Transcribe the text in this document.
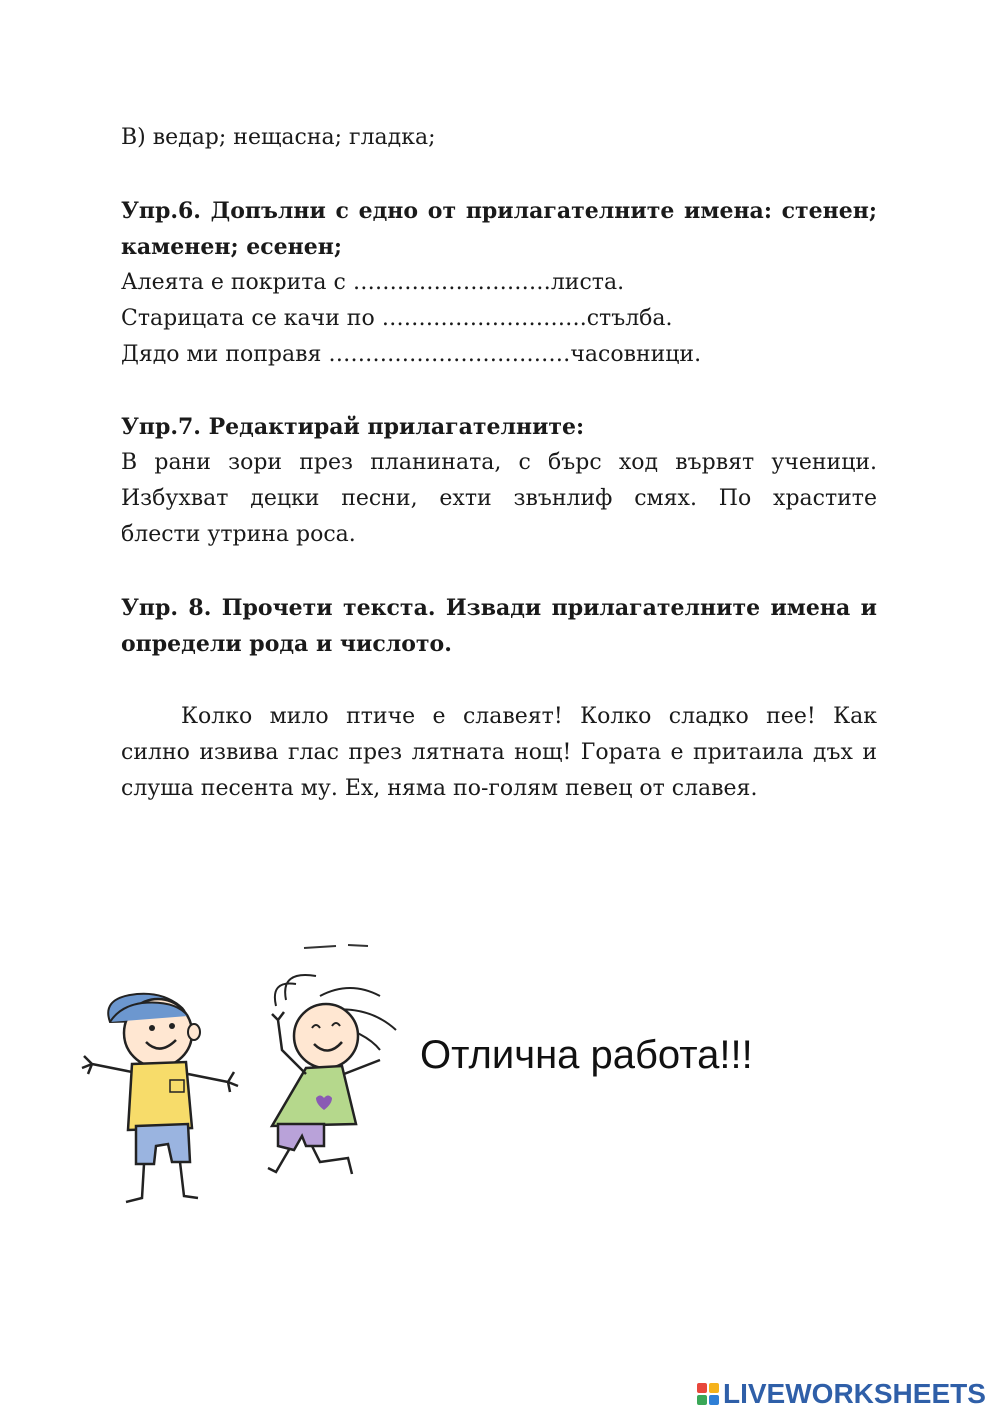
В) ведар; нещасна; гладка;
Упр.6. Допълни с едно от прилагателните имена: стенен;
каменен; есенен;
Алеята е покрита с ………………………листа.
Старицата се качи по ……………………….стълба.
Дядо ми поправя ……………………………часовници.
Упр.7. Редактирай прилагателните:
В рани зори през планината, с бърс ход вървят ученици.
Избухват децки песни, ехти звънлиф смях. По храстите
блести утрина роса.
Упр. 8. Прочети текста. Извади прилагателните имена и
определи рода и числото.
Колко мило птиче е славеят! Колко сладко пее! Как
силно извива глас през лятната нощ! Гората е притаила дъх и
слуша песента му. Ех, няма по-голям певец от славея.
Отлична работа!!!
LIVEWORKSHEETS
